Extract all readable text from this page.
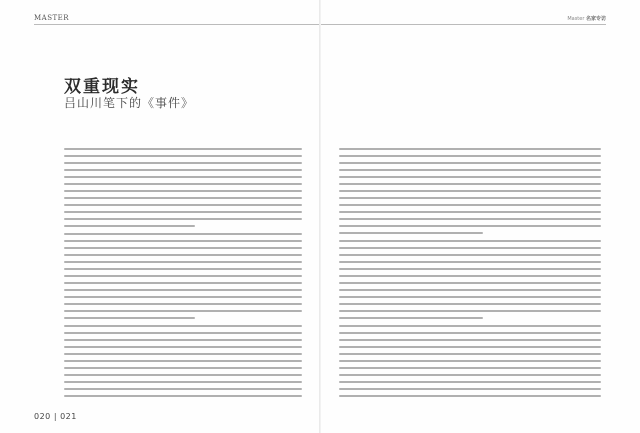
MASTER
双重现实
吕山川笔下的《事件》
020 | 021
Master 名家专访
